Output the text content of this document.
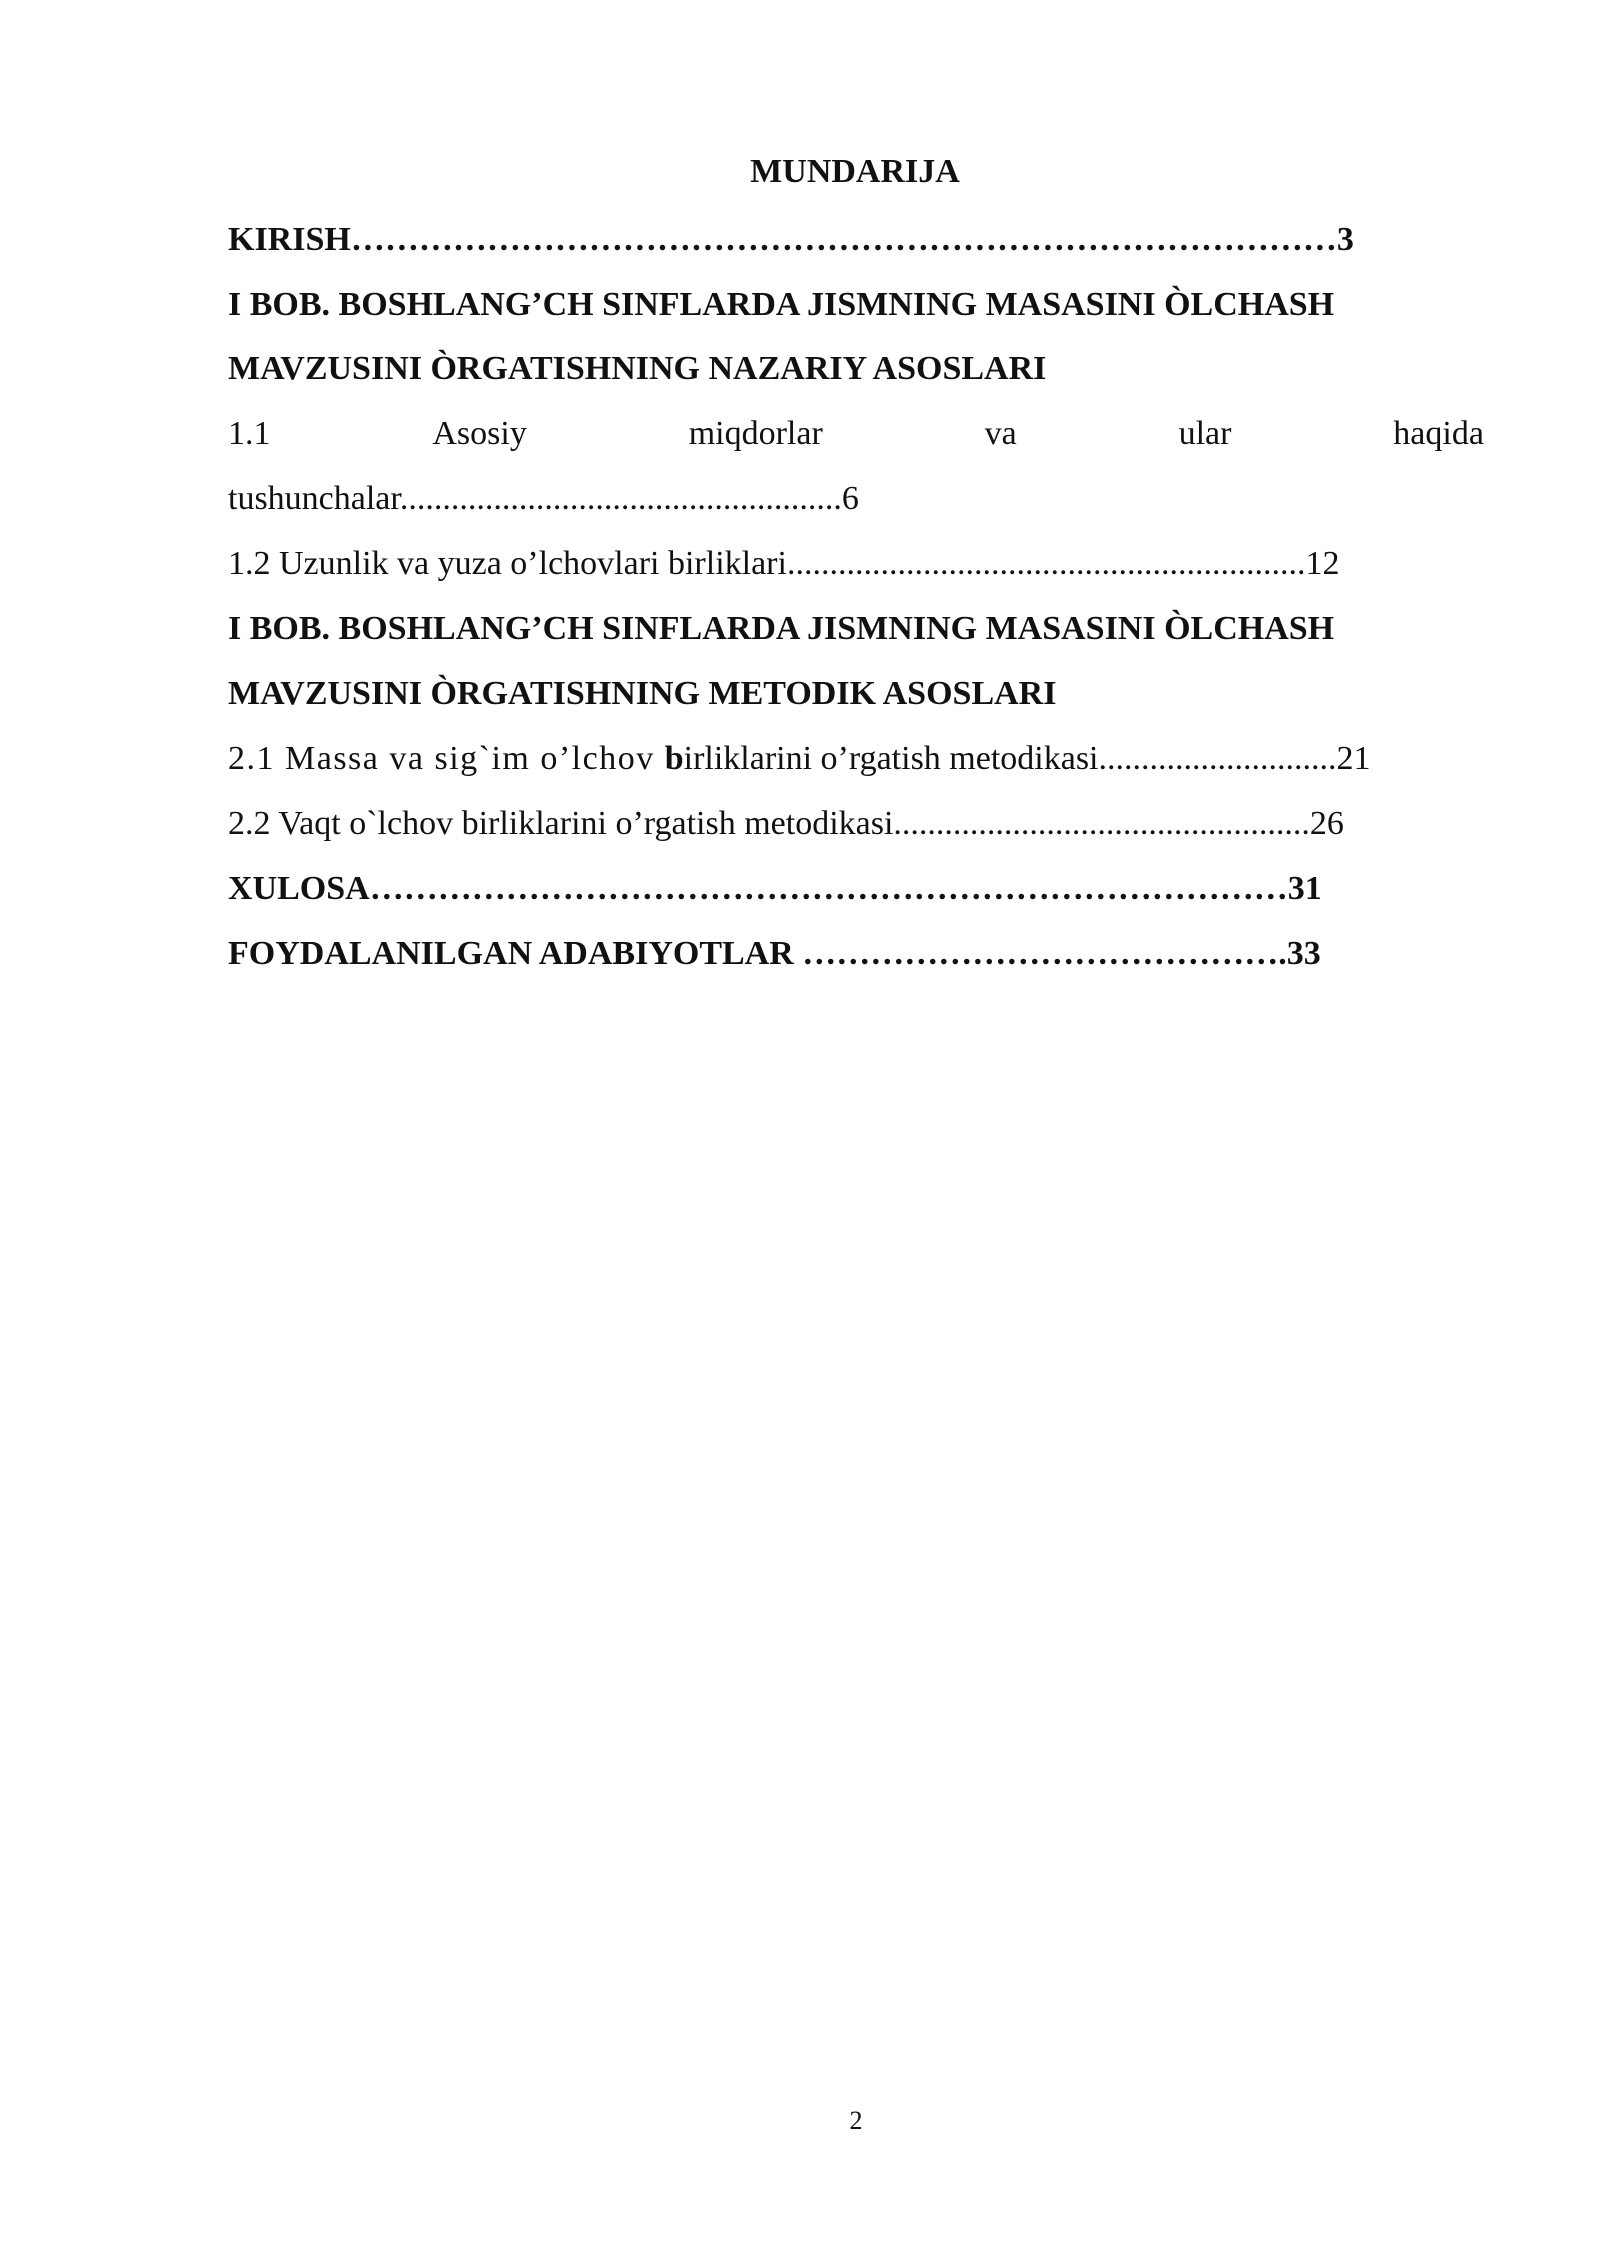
MUNDARIJA
KIRISH……………………………………………………………………………3
I BOB. BOSHLANG’CH SINFLARDA JISMNING MASASINI ÒLCHASH
MAVZUSINI ÒRGATISHNING NAZARIY ASOSLARI
1.1	Asosiy	miqdorlar	va	ular	haqida
tushunchalar....................................................6
1.2 Uzunlik va yuza o’lchovlari birliklari.............................................................12
I BOB. BOSHLANG’CH SINFLARDA JISMNING MASASINI ÒLCHASH
MAVZUSINI ÒRGATISHNING METODIK ASOSLARI
2.1 Massa va sig`im o’lchov birliklarini o’rgatish metodikasi............................21
2.2 Vaqt o`lchov birliklarini o’rgatish metodikasi.................................................26
XULOSA………………………………………………………………………31
FOYDALANILGAN ADABIYOTLAR …………………………………….33
2
